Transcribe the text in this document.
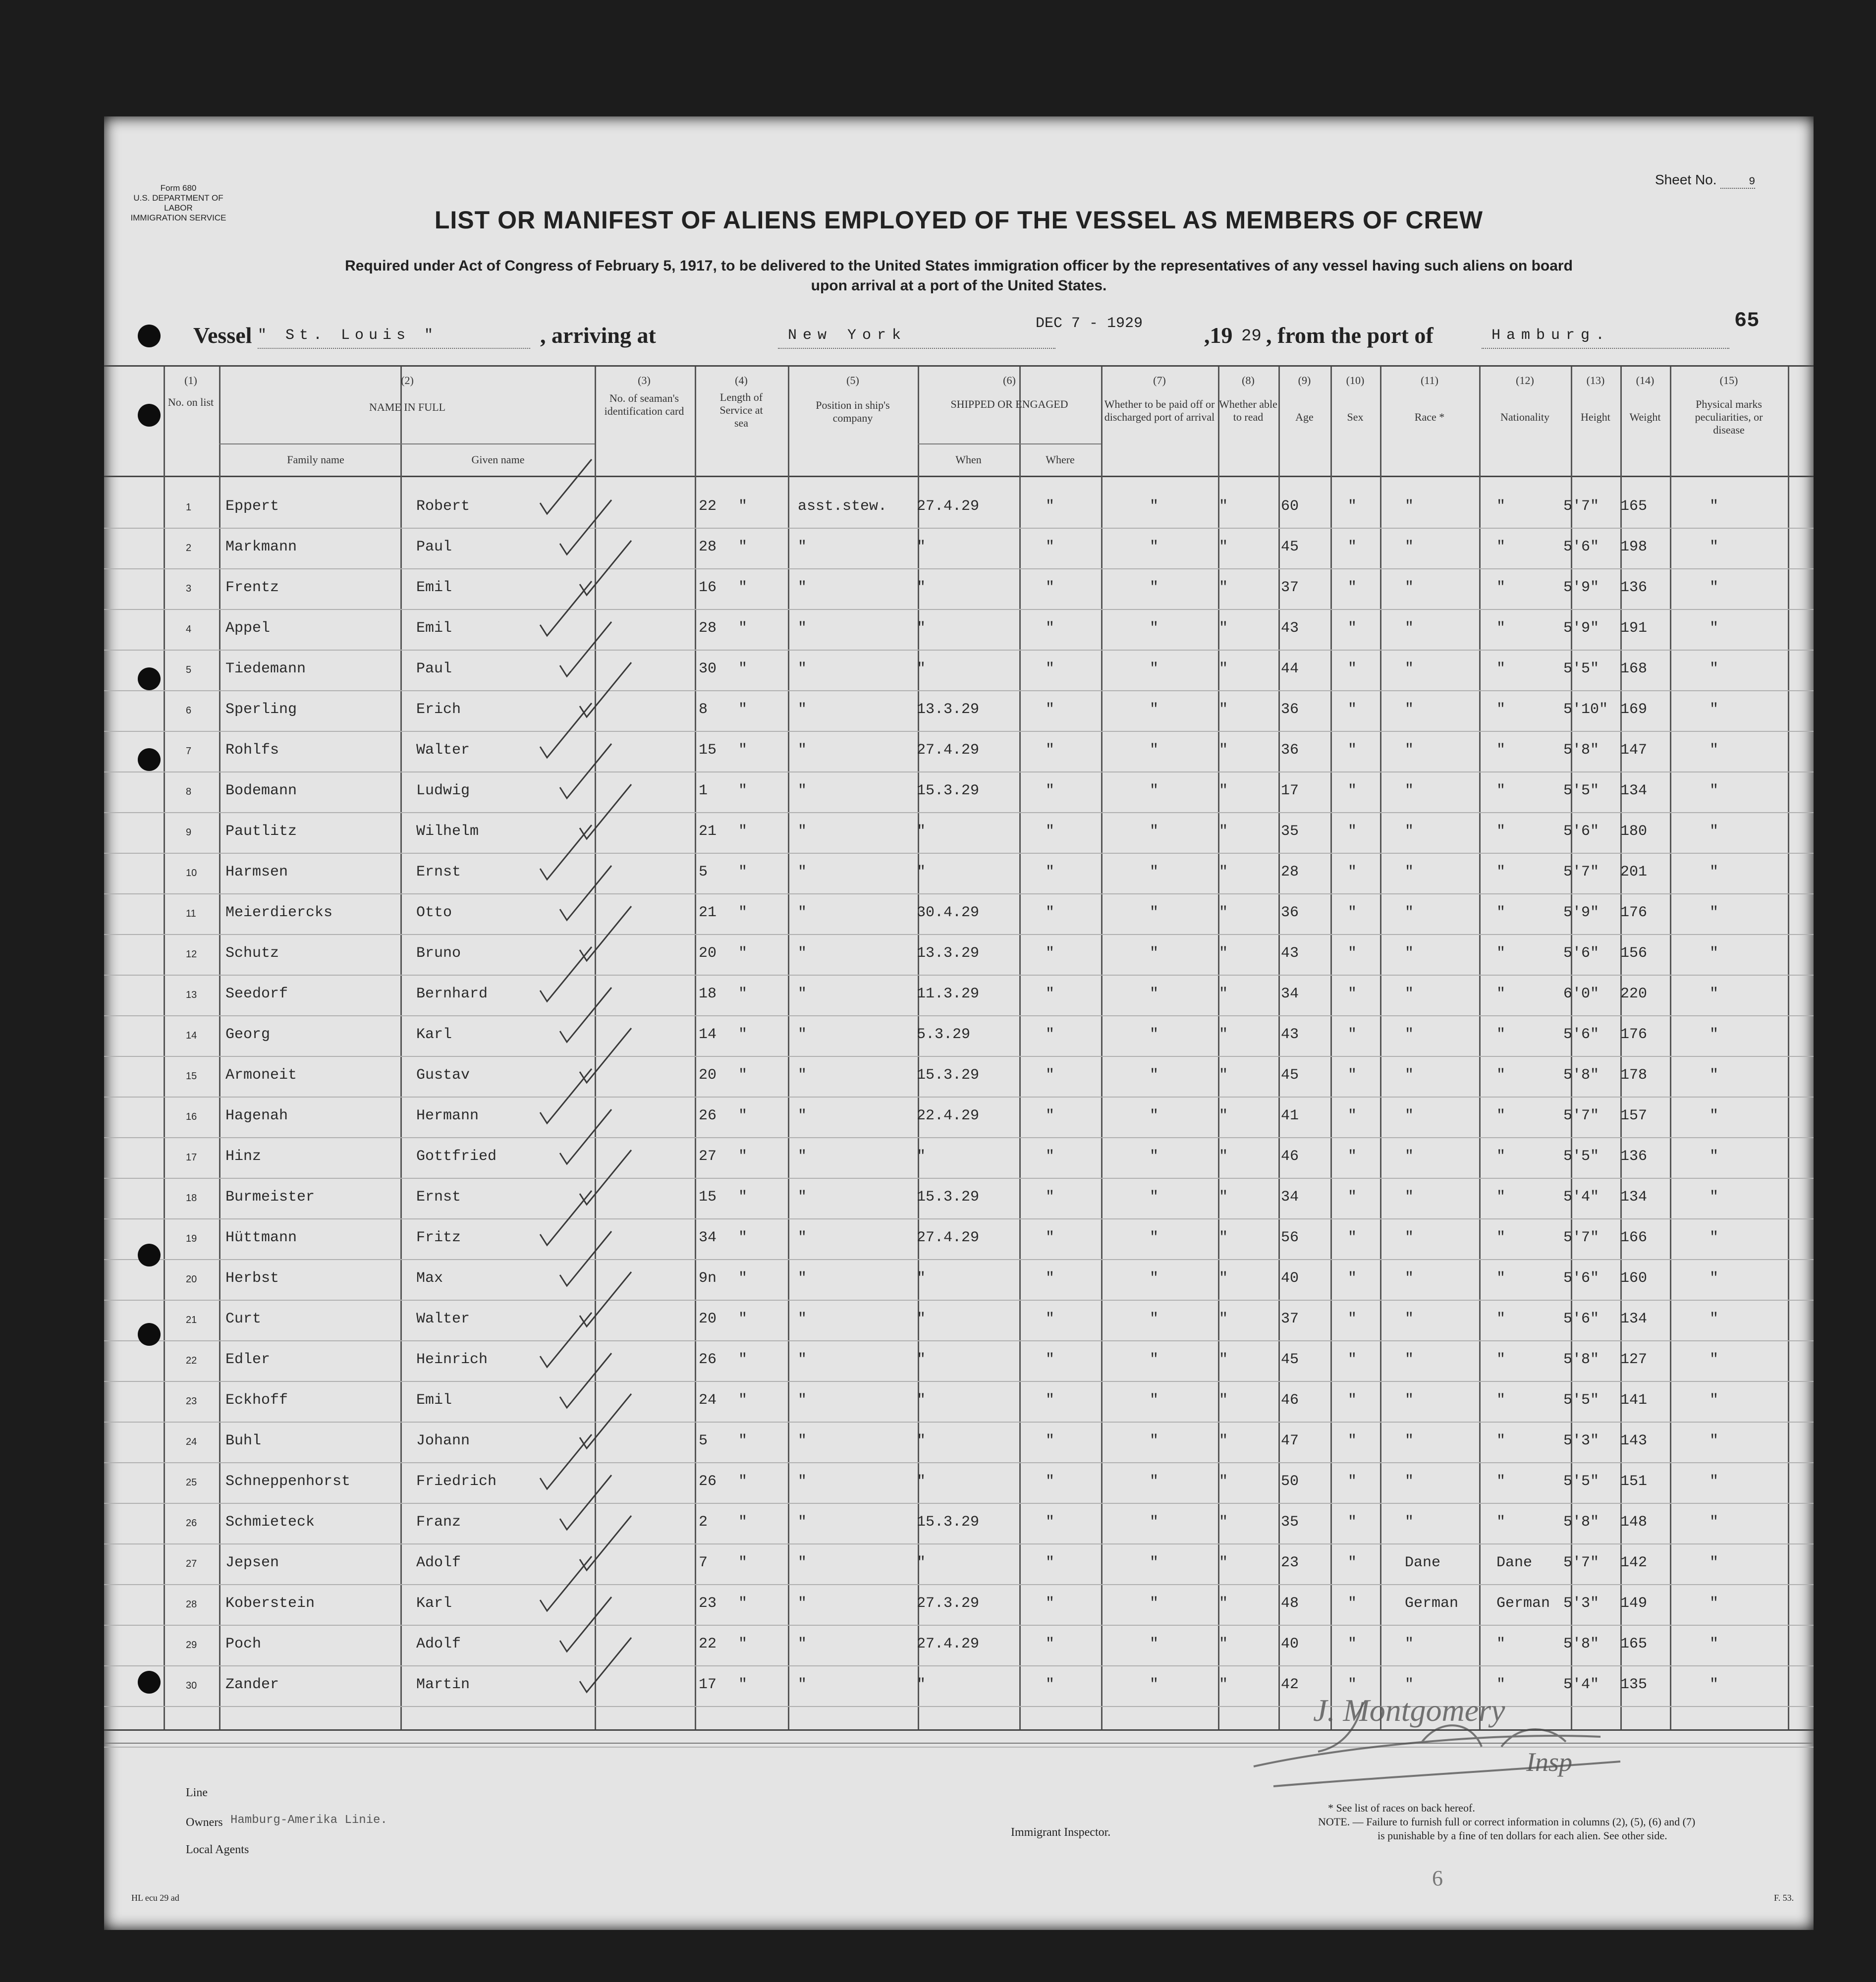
Form 680
U.S. DEPARTMENT OF LABOR
IMMIGRATION SERVICE
Sheet No.	9
LIST OR MANIFEST OF ALIENS EMPLOYED OF THE VESSEL AS MEMBERS OF CREW
Required under Act of Congress of February 5, 1917, to be delivered to the United States immigration officer by the representatives of any vessel having such aliens on board
upon arrival at a port of the United States.
65
Vessel " St. Louis "	, arriving at	New York
DEC 7 - 1929	,19 29 , from the port of	Hamburg.
(1)
No. on list
(2)
NAME IN FULL
Family name	Given name
(3)
No. of seaman's identification card
(4)
Length of Service at sea
(5)
Position in ship's company
(6)
SHIPPED OR ENGAGED
When	Where
(7)
Whether to be paid off or discharged port of arrival
(8)
Whether able to read
(9)
Age
(10)
Sex
(11)
Race *
(12)
Nationality
(13)
Height
(14)
Weight
(15)
Physical marks peculiarities, or disease
1 Eppert	Robert	22 "	asst.stew. 27.4.29	"	"	"	60	"	"	"	5'7" 165	"
2 Markmann	Paul	28 "	"	"	"	"	"	45	"	"	"	5'6" 198	"
3 Frentz	Emil	16 "	"	"	"	"	"	37	"	"	"	5'9" 136	"
4 Appel	Emil	28 "	"	"	"	"	"	43	"	"	"	5'9" 191	"
5 Tiedemann	Paul	30 "	"	"	"	"	"	44	"	"	"	5'5" 168	"
6 Sperling	Erich	8 "	"	13.3.29	"	"	"	36	"	"	"	5'10" 169	"
7 Rohlfs	Walter	15 "	"	27.4.29	"	"	"	36	"	"	"	5'8" 147	"
8 Bodemann	Ludwig	1 "	"	15.3.29	"	"	"	17	"	"	"	5'5" 134	"
9 Pautlitz	Wilhelm	21 "	"	"	"	"	"	35	"	"	"	5'6" 180	"
10 Harmsen	Ernst	5 "	"	"	"	"	"	28	"	"	"	5'7" 201	"
11 Meierdiercks	Otto	21 "	"	30.4.29	"	"	"	36	"	"	"	5'9" 176	"
12 Schutz	Bruno	20 "	"	13.3.29	"	"	"	43	"	"	"	5'6" 156	"
13 Seedorf	Bernhard	18 "	"	11.3.29	"	"	"	34	"	"	"	6'0" 220	"
14 Georg	Karl	14 "	"	5.3.29	"	"	"	43	"	"	"	5'6" 176	"
15 Armoneit	Gustav	20 "	"	15.3.29	"	"	"	45	"	"	"	5'8" 178	"
16 Hagenah	Hermann	26 "	"	22.4.29	"	"	"	41	"	"	"	5'7" 157	"
17 Hinz	Gottfried	27 "	"	"	"	"	"	46	"	"	"	5'5" 136	"
18 Burmeister	Ernst	15 "	"	15.3.29	"	"	"	34	"	"	"	5'4" 134	"
19 Hüttmann	Fritz	34 "	"	27.4.29	"	"	"	56	"	"	"	5'7" 166	"
20 Herbst	Max	9n "	"	"	"	"	"	40	"	"	"	5'6" 160	"
21 Curt	Walter	20 "	"	"	"	"	"	37	"	"	"	5'6" 134	"
22 Edler	Heinrich	26 "	"	"	"	"	"	45	"	"	"	5'8" 127	"
23 Eckhoff	Emil	24 "	"	"	"	"	"	46	"	"	"	5'5" 141	"
24 Buhl	Johann	5 "	"	"	"	"	"	47	"	"	"	5'3" 143	"
25 Schneppenhorst	Friedrich	26 "	"	"	"	"	"	50	"	"	"	5'5" 151	"
26 Schmieteck	Franz	2 "	"	15.3.29	"	"	"	35	"	"	"	5'8" 148	"
27 Jepsen	Adolf	7 "	"	"	"	"	"	23	"	Dane	Dane 5'7" 142	"
28 Koberstein	Karl	23 "	"	27.3.29	"	"	"	48	"	German	German 5'3" 149	"
29 Poch	Adolf	22 "	"	27.4.29	"	"	"	40	"	"	"	5'8" 165	"
30 Zander	Martin	17 "	"	"	"	"	"	42	"	"	"	5'4" 135	"
J. Montgomery
Insp
Line
Owners Hamburg-Amerika Linie.
Local Agents
Immigrant Inspector.
* See list of races on back hereof.
NOTE. — Failure to furnish full or correct information in columns (2), (5), (6) and (7)
is punishable by a fine of ten dollars for each alien. See other side.
6
HL ecu 29 ad	F. 53.
